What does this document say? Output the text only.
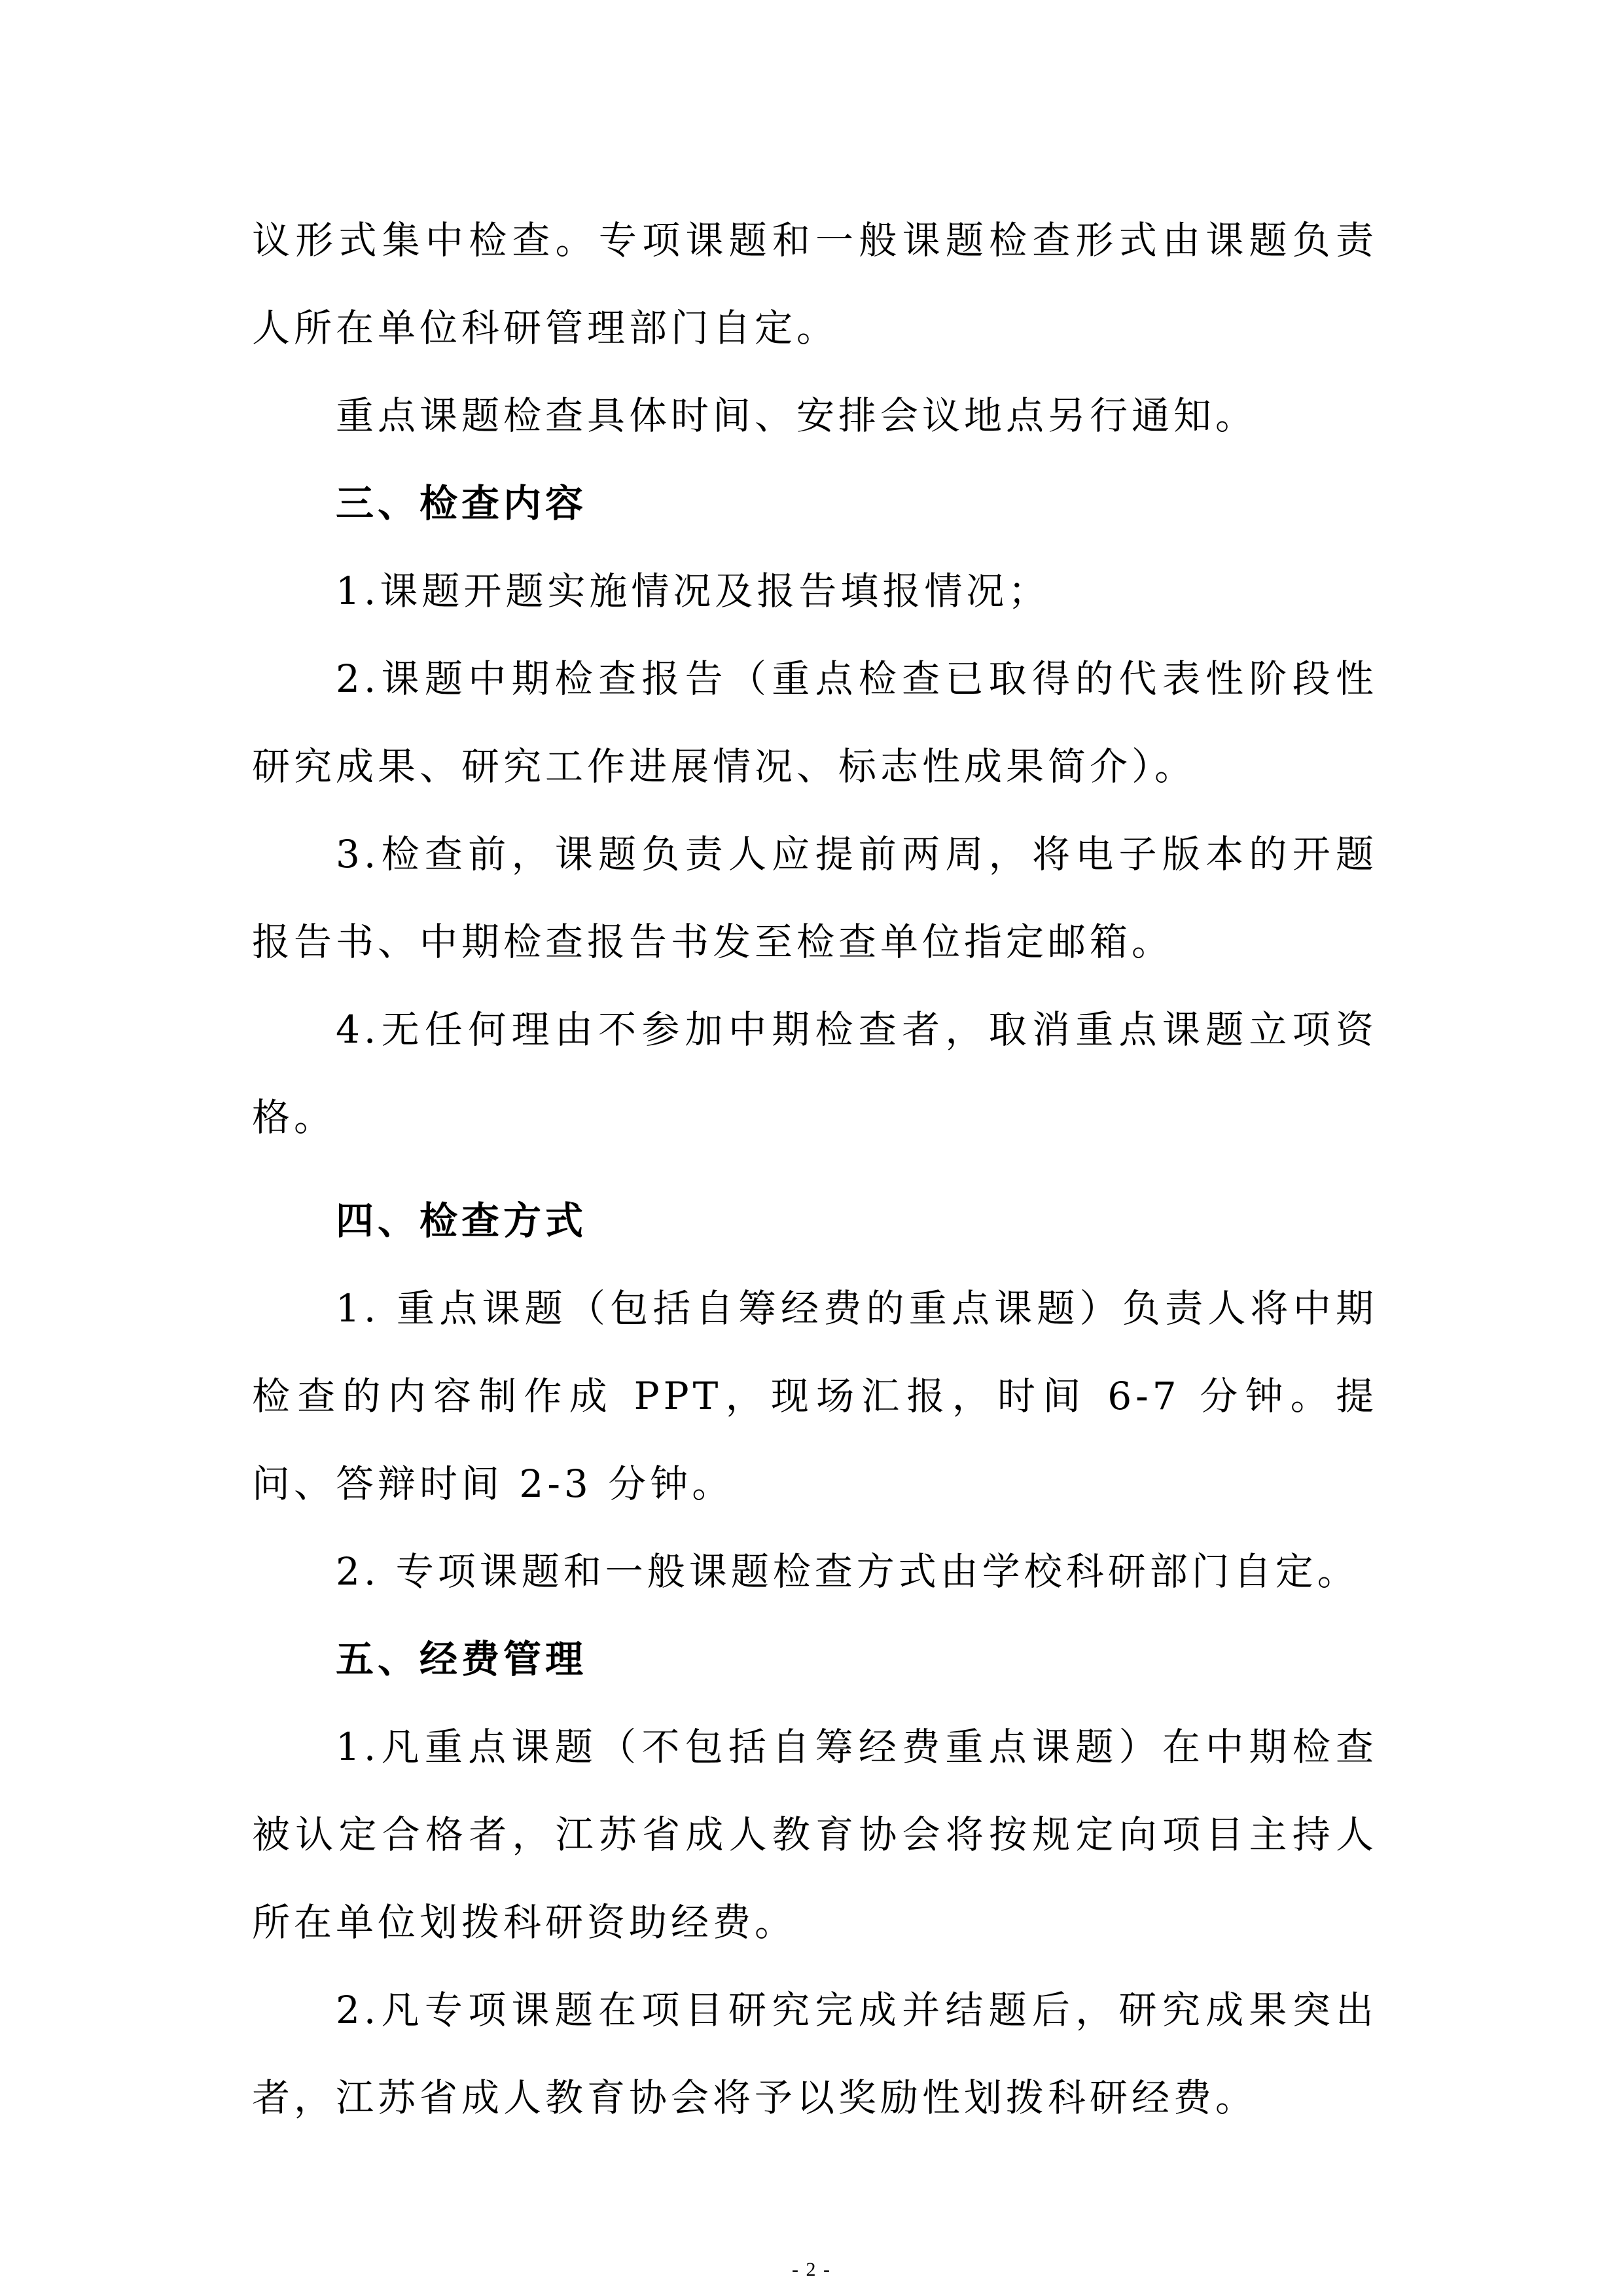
议形式集中检查。专项课题和一般课题检查形式由课题负责人所在单位科研管理部门自定。

重点课题检查具体时间、安排会议地点另行通知。

三、检查内容

1.课题开题实施情况及报告填报情况；

2.课题中期检查报告（重点检查已取得的代表性阶段性研究成果、研究工作进展情况、标志性成果简介）。

3.检查前，课题负责人应提前两周，将电子版本的开题报告书、中期检查报告书发至检查单位指定邮箱。

4.无任何理由不参加中期检查者，取消重点课题立项资格。

四、检查方式

1. 重点课题（包括自筹经费的重点课题）负责人将中期检查的内容制作成 PPT，现场汇报，时间 6-7 分钟。提问、答辩时间 2-3 分钟。

2. 专项课题和一般课题检查方式由学校科研部门自定。

五、经费管理

1.凡重点课题（不包括自筹经费重点课题）在中期检查被认定合格者，江苏省成人教育协会将按规定向项目主持人所在单位划拨科研资助经费。

2.凡专项课题在项目研究完成并结题后，研究成果突出者，江苏省成人教育协会将予以奖励性划拨科研经费。

- 2 -
